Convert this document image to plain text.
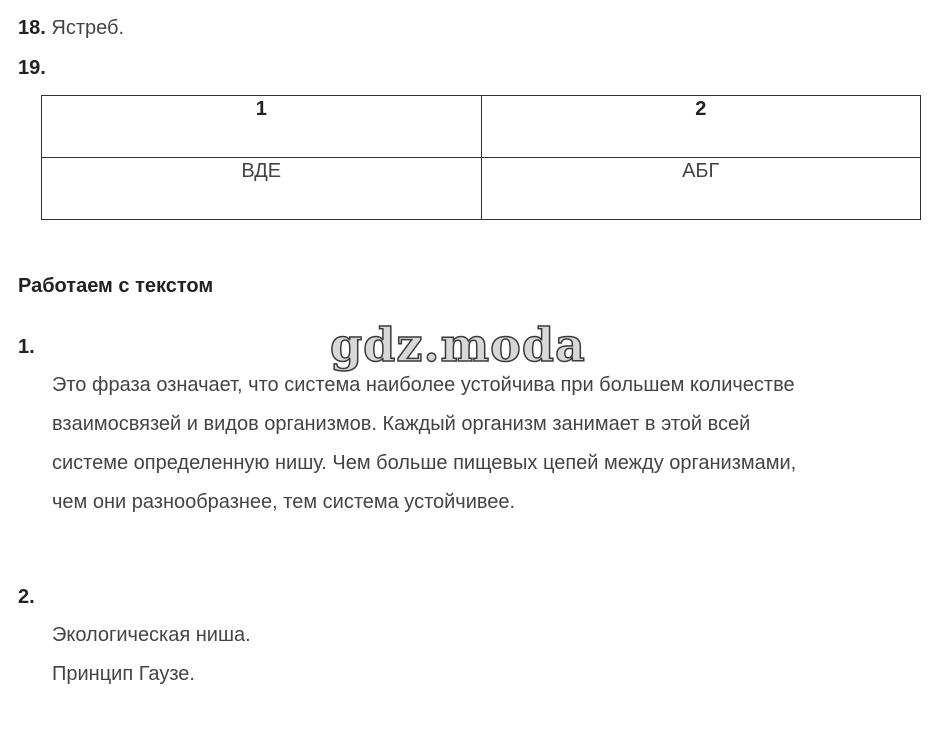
18. Ястреб.
19.
1	2
ВДЕ	АБГ
Работаем с текстом
gdz.moda
1.
Это фраза означает, что система наиболее устойчива при большем количестве
взаимосвязей и видов организмов. Каждый организм занимает в этой всей
системе определенную нишу. Чем больше пищевых цепей между организмами,
чем они разнообразнее, тем система устойчивее.
2.
Экологическая ниша.
Принцип Гаузе.
